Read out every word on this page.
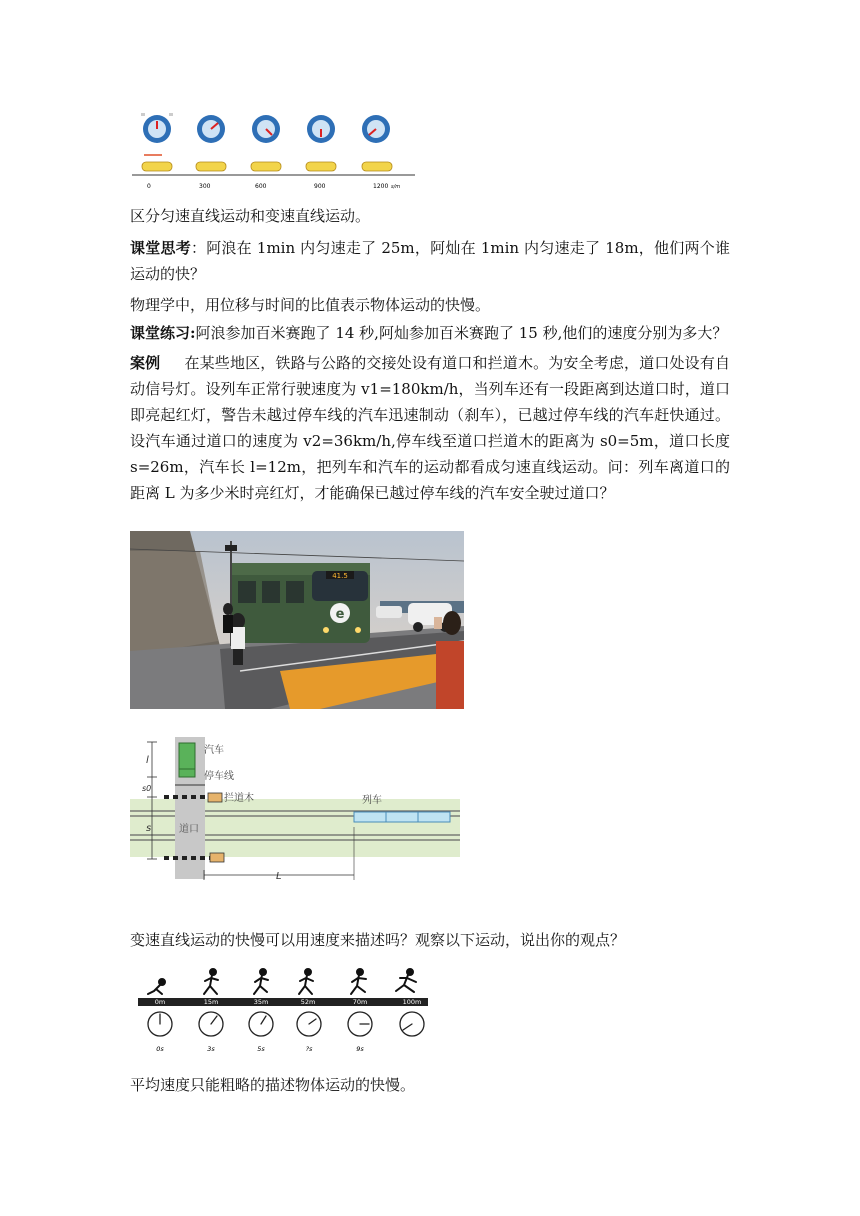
0	300	600	900	1200 s/m
区分匀速直线运动和变速直线运动。
课堂思考：阿浪在 1min 内匀速走了 25m，阿灿在 1min 内匀速走了 18m，他们两个谁运动的快？
物理学中，用位移与时间的比值表示物体运动的快慢。
课堂练习:阿浪参加百米赛跑了 14 秒,阿灿参加百米赛跑了 15 秒,他们的速度分别为多大？
案例 在某些地区，铁路与公路的交接处设有道口和拦道木。为安全考虑，道口处设有自动信号灯。设列车正常行驶速度为 v1=180km/h，当列车还有一段距离到达道口时，道口即亮起红灯，警告未越过停车线的汽车迅速制动（刹车），已越过停车线的汽车赶快通过。设汽车通过道口的速度为 v2=36km/h,停车线至道口拦道木的距离为 s0=5m，道口长度 s=26m，汽车长 l=12m，把列车和汽车的运动都看成匀速直线运动。问：列车离道口的距离 L 为多少米时亮红灯，才能确保已越过停车线的汽车安全驶过道口？
41.5
e
汽车
停车线
拦道木
道口
列车
l
s0
s
L
变速直线运动的快慢可以用速度来描述吗？观察以下运动，说出你的观点？
0m	15m	35m	52m	70m	100m
0s	3s	5s	?s	9s
平均速度只能粗略的描述物体运动的快慢。
